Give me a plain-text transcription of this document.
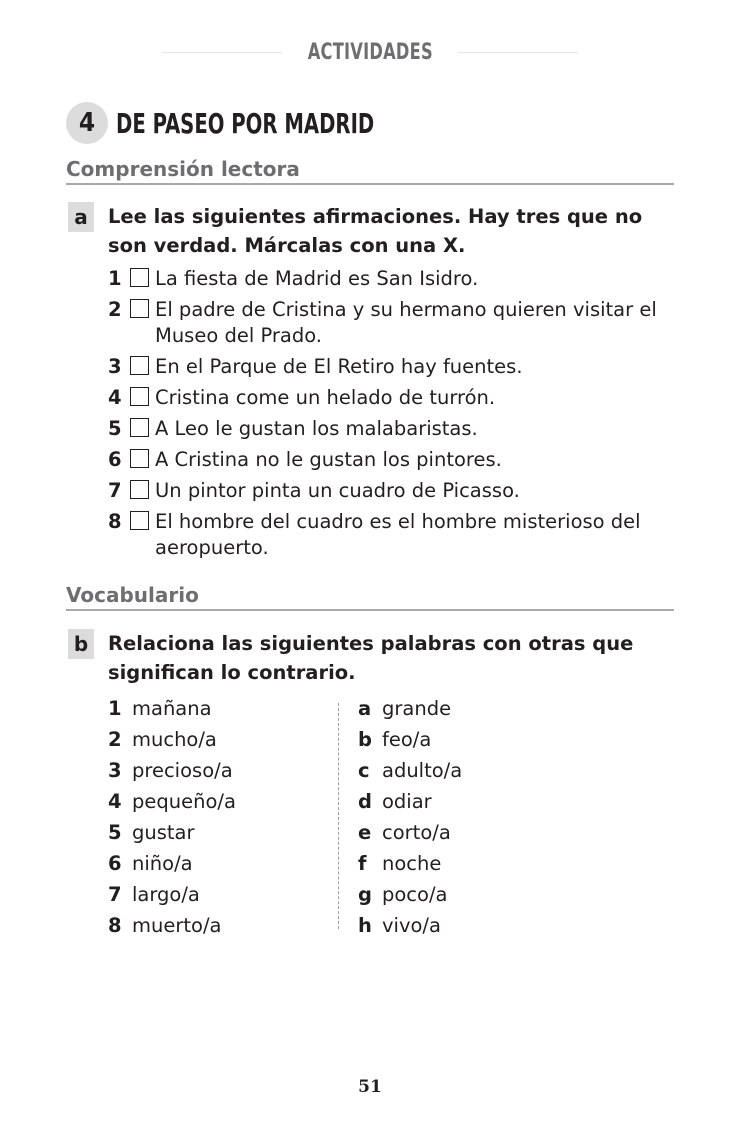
ACTIVIDADES
4 DE PASEO POR MADRID
Comprensión lectora
a	Lee las siguientes afirmaciones. Hay tres que no
son verdad. Márcalas con una X.
1 La fiesta de Madrid es San Isidro.
2 El padre de Cristina y su hermano quieren visitar el Museo del Prado.
3 En el Parque de El Retiro hay fuentes.
4 Cristina come un helado de turrón.
5 A Leo le gustan los malabaristas.
6 A Cristina no le gustan los pintores.
7 Un pintor pinta un cuadro de Picasso.
8 El hombre del cuadro es el hombre misterioso del aeropuerto.
Vocabulario
b Relaciona las siguientes palabras con otras que
significan lo contrario.
1 mañana
2 mucho/a
3 precioso/a
4 pequeño/a
5 gustar
6 niño/a
7 largo/a
8 muerto/a
a grande
b feo/a
c adulto/a
d odiar
e corto/a
f noche
g poco/a
h vivo/a
51
